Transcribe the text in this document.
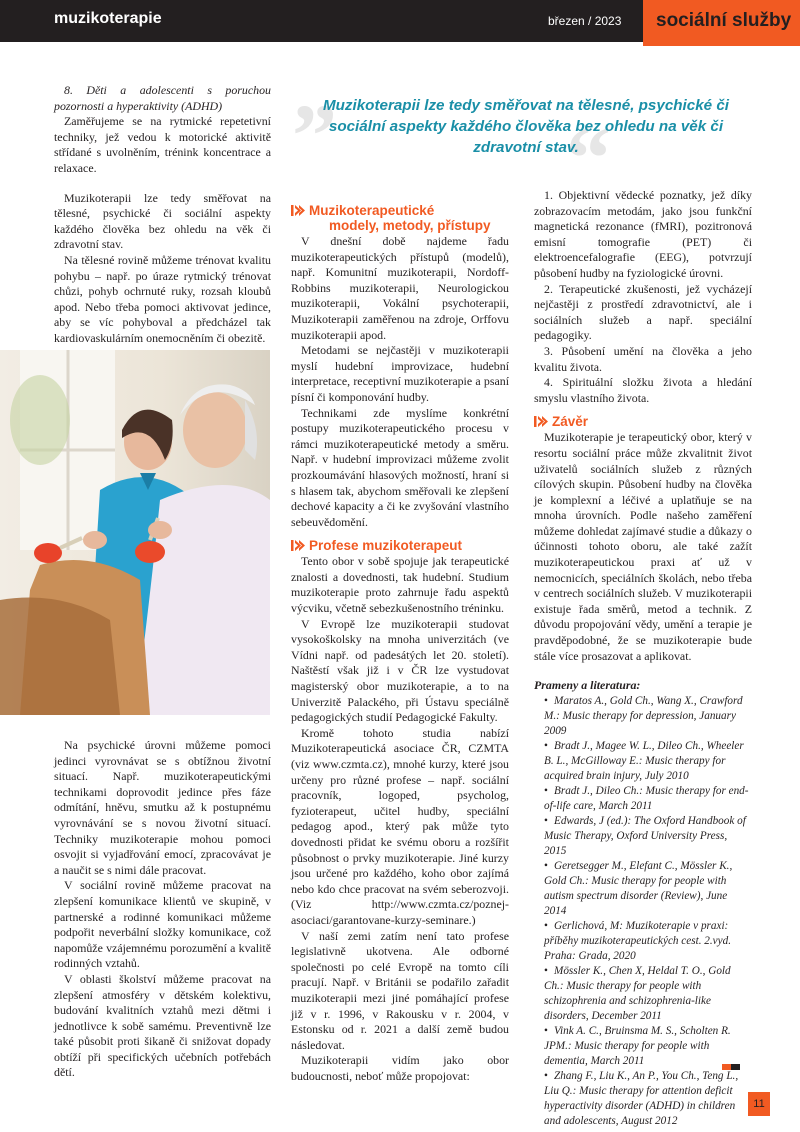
muzikoterapie	březen / 2023 sociální služby
”	“
Muzikoterapii lze tedy směřovat na tělesné, psychické či sociální aspekty každého člověka bez ohledu na věk či zdravotní stav.

8. Děti a adolescenti s poruchou pozornosti a hyperaktivity (ADHD)

Zaměřujeme se na rytmické repetetivní techniky, jež vedou k motorické aktivitě střídané s uvolněním, trénink koncentrace a relaxace.

Muzikoterapii lze tedy směřovat na tělesné, psychické či sociální aspekty každého člověka bez ohledu na věk či zdravotní stav.

Na tělesné rovině můžeme trénovat kvalitu pohybu – např. po úraze rytmický trénovat chůzi, pohyb ochrnuté ruky, rozsah kloubů apod. Nebo třeba pomoci aktivovat jedince, aby se víc pohyboval a předcházel tak kardiovaskulárním onemocněním či obezitě.

Na psychické úrovni můžeme pomoci jedinci vyrovnávat se s obtížnou životní situací. Např. muzikoterapeutickými technikami doprovodit jedince přes fáze odmítání, hněvu, smutku až k postupnému vyrovnávání se s novou životní situací. Techniky muzikoterapie mohou pomoci osvojit si vyjadřování emocí, zpracovávat je a naučit se s nimi dále pracovat.

V sociální rovině můžeme pracovat na zlepšení komunikace klientů ve skupině, v partnerské a rodinné komunikaci můžeme podpořit neverbální složky komunikace, což napomůže vzájemnému porozumění a kvalitě rodinných vztahů.

V oblasti školství můžeme pracovat na zlepšení atmosféry v dětském kolektivu, budování kvalitních vztahů mezi dětmi i jednotlivce k sobě samému. Preventivně lze také působit proti šikaně či snižovat dopady obtíží při specifických učebních potřebách dětí.

Muzikoterapeutické
modely, metody, přístupy

V dnešní době najdeme řadu muzikoterapeutických přístupů (modelů), např. Komunitní muzikoterapii, Nordoff-Robbins muzikoterapii, Neurologickou muzikoterapii, Vokální psychoterapii, Muzikoterapii zaměřenou na zdroje, Orffovu muzikoterapii apod.

Metodami se nejčastěji v muzikoterapii myslí hudební improvizace, hudební interpretace, receptivní muzikoterapie a psaní písní či komponování hudby.

Technikami zde myslíme konkrétní postupy muzikoterapeutického procesu v rámci muzikoterapeutické metody a směru. Např. v hudební improvizaci můžeme zvolit prozkoumávání hlasových možností, hraní si s hlasem tak, abychom směřovali ke zlepšení dechové kapacity a či ke zvyšování vlastního sebeuvědomění.

Profese muzikoterapeut

Tento obor v sobě spojuje jak terapeutické znalosti a dovednosti, tak hudební. Studium muzikoterapie proto zahrnuje řadu aspektů výcviku, včetně sebezkušenostního tréninku.

V Evropě lze muzikoterapii studovat vysokoškolsky na mnoha univerzitách (ve Vídni např. od padesátých let 20. století). Naštěstí však již i v ČR lze vystudovat magisterský obor muzikoterapie, a to na Univerzitě Palackého, při Ústavu speciálně pedagogických studií Pedagogické Fakulty.

Kromě tohoto studia nabízí Muzikoterapeutická asociace ČR, CZMTA (viz www.czmta.cz), mnohé kurzy, které jsou určeny pro různé profese – např. sociální pracovník, logoped, psycholog, fyzioterapeut, učitel hudby, speciální pedagog apod., který pak může tyto dovednosti přidat ke svému oboru a rozšířit působnost o prvky muzikoterapie. Jiné kurzy jsou určené pro každého, koho obor zajímá nebo kdo chce pracovat na svém seberozvoji. (Viz http://www.czmta.cz/poznej-asociaci/garantovane-kurzy-seminare.)

V naší zemi zatím není tato profese legislativně ukotvena. Ale odborné společnosti po celé Evropě na tomto cíli pracují. Např. v Británii se podařilo zařadit muzikoterapii mezi jiné pomáhající profese již v r. 1996, v Rakousku v r. 2004, v Estonsku od r. 2021 a další země budou následovat.

Muzikoterapii vidím jako obor budoucnosti, neboť může propojovat:

1. Objektivní vědecké poznatky, jež díky zobrazovacím metodám, jako jsou funkční magnetická rezonance (fMRI), pozitronová emisní tomografie (PET) či elektroencefalografie (EEG), potvrzují působení hudby na fyziologické úrovni.

2. Terapeutické zkušenosti, jež vycházejí nejčastěji z prostředí zdravotnictví, ale i sociálních služeb a např. speciální pedagogiky.

3. Působení umění na člověka a jeho kvalitu života.

4. Spirituální složku života a hledání smyslu vlastního života.

Závěr

Muzikoterapie je terapeutický obor, který v resortu sociální práce může zkvalitnit život uživatelů sociálních služeb z různých cílových skupin. Působení hudby na člověka je komplexní a léčivé a uplatňuje se na mnoha úrovních. Podle našeho zaměření můžeme dohledat zajímavé studie a důkazy o účinnosti tohoto oboru, ale také zažít muzikoterapeutickou praxi ať už v nemocnicích, speciálních školách, nebo třeba v centrech sociálních služeb. V muzikoterapii existuje řada směrů, metod a technik. Z důvodu propojování vědy, umění a terapie je pravděpodobné, že se muzikoterapie bude stále více prosazovat a aplikovat.

Prameny a literatura:

• Maratos A., Gold Ch., Wang X., Crawford M.: Music therapy for depression, January 2009

• Bradt J., Magee W. L., Dileo Ch., Wheeler B. L., McGilloway E.: Music therapy for acquired brain injury, July 2010

• Bradt J., Dileo Ch.: Music therapy for end-of-life care, March 2011

• Edwards, J (ed.): The Oxford Handbook of Music Therapy, Oxford University Press, 2015

• Geretsegger M., Elefant C., Mössler K., Gold Ch.: Music therapy for people with autism spectrum disorder (Review), June 2014

• Gerlichová, M: Muzikoterapie v praxi: příběhy muzikoterapeutických cest. 2.vyd. Praha: Grada, 2020

• Mössler K., Chen X, Heldal T. O., Gold Ch.: Music therapy for people with schizophrenia and schizophrenia-like disorders, December 2011

• Vink A. C., Bruinsma M. S., Scholten R. JPM.: Music therapy for people with dementia, March 2011

• Zhang F., Liu K., An P., You Ch., Teng L., Liu Q.: Music therapy for attention deficit hyperactivity disorder (ADHD) in children and adolescents, August 2012

11
